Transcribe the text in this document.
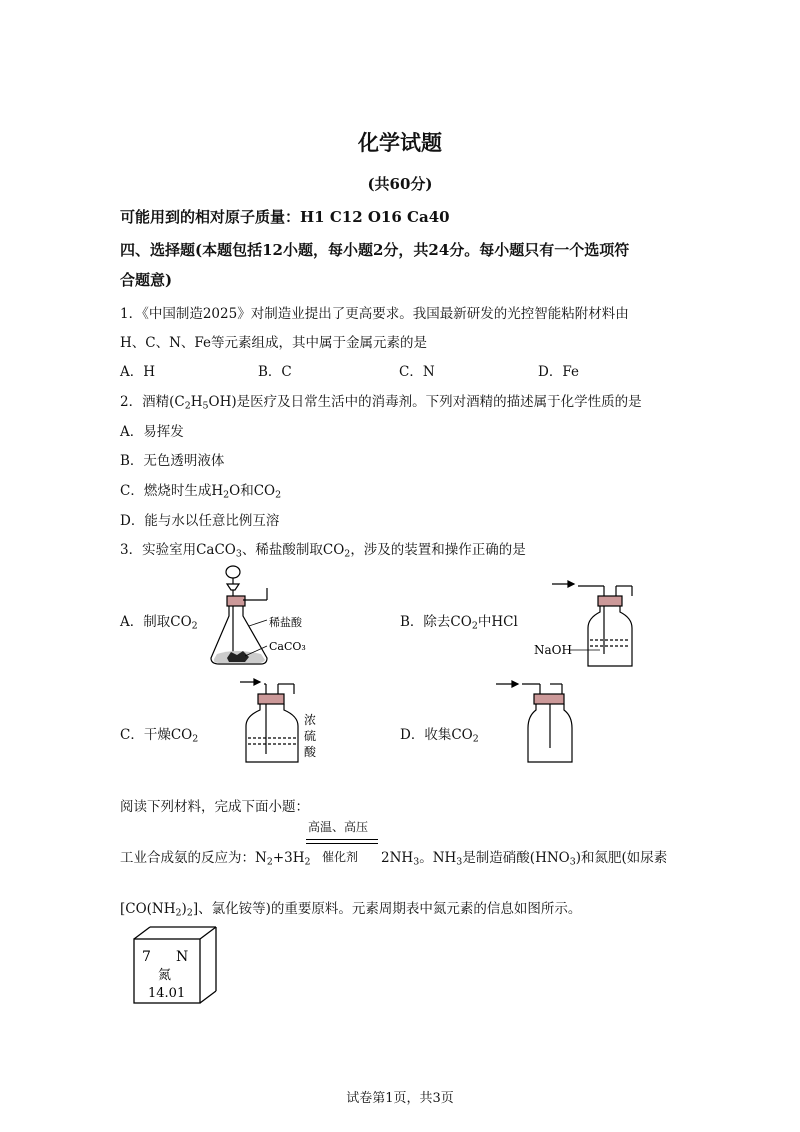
化学试题
(共60分)
可能用到的相对原子质量：H1 C12 O16 Ca40
四、选择题(本题包括12小题，每小题2分，共24分。每小题只有一个选项符
合题意)
1．《中国制造2025》对制造业提出了更高要求。我国最新研发的光控智能粘附材料由
H、C、N、Fe等元素组成，其中属于金属元素的是
A．H	B．C	C．N	D．Fe
2．酒精$(C_2H_5OH)$是医疗及日常生活中的消毒剂。下列对酒精的描述属于化学性质的是
A．易挥发
B．无色透明液体
C．燃烧时生成$H_2O$和$CO_2$
D．能与水以任意比例互溶
3．实验室用CaCO$_3$、稀盐酸制取$CO_2$，涉及的装置和操作正确的是
A．制取$CO_2$	B．除去$CO_2$中HCl
C．干燥$CO_2$	D．收集$CO_2$
稀盐酸
CaCO₃	NaOH
浓
硫
酸
阅读下列材料，完成下面小题：
高温、高压
催化剂
工业合成氨的反应为：$N_2+3H_2$	$2NH_3$。$NH_3$是制造硝酸$(HNO_3)$和氮肥(如尿素
$[CO(NH_2)_2]$、氯化铵等)的重要原料。元素周期表中氮元素的信息如图所示。
7 N
氮
14.01
试卷第1页，共3页
